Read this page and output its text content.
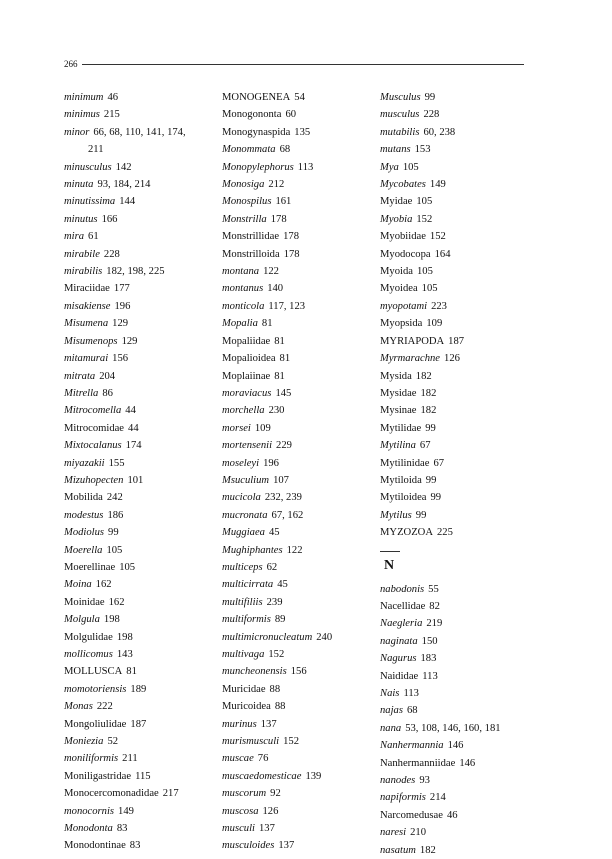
266
minimum 46
minimus 215
minor 66, 68, 110, 141, 174,
211
minusculus 142
minuta 93, 184, 214
minutissima 144
minutus 166
mira 61
mirabile 228
mirabilis 182, 198, 225
Miraciidae 177
misakiense 196
Misumena 129
Misumenops 129
mitamurai 156
mitrata 204
Mitrella 86
Mitrocomella 44
Mitrocomidae 44
Mixtocalanus 174
miyazakii 155
Mizuhopecten 101
Mobilida 242
modestus 186
Modiolus 99
Moerella 105
Moerellinae 105
Moina 162
Moinidae 162
Molgula 198
Molgulidae 198
mollicomus 143
MOLLUSCA 81
momotoriensis 189
Monas 222
Mongoliulidae 187
Moniezia 52
moniliformis 211
Moniligastridae 115
Monocercomonadidae 217
monocornis 149
Monodonta 83
Monodontinae 83
MONOGENEA 54
Monogononta 60
Monogynaspida 135
Monommata 68
Monopylephorus 113
Monosiga 212
Monospilus 161
Monstrilla 178
Monstrillidae 178
Monstrilloida 178
montana 122
montanus 140
monticola 117, 123
Mopalia 81
Mopaliidae 81
Mopalioidea 81
Moplaiinae 81
moraviacus 145
morchella 230
morsei 109
mortensenii 229
moseleyi 196
Msuculium 107
mucicola 232, 239
mucronata 67, 162
Muggiaea 45
Mughiphantes 122
multiceps 62
multicirrata 45
multifiliis 239
multiformis 89
multimicronucleatum 240
multivaga 152
muncheonensis 156
Muricidae 88
Muricoidea 88
murinus 137
murismusculi 152
muscae 76
muscaedomesticae 139
muscorum 92
muscosa 126
musculi 137
musculoides 137
Musculus 99
musculus 228
mutabilis 60, 238
mutans 153
Mya 105
Mycobates 149
Myidae 105
Myobia 152
Myobiidae 152
Myodocopa 164
Myoida 105
Myoidea 105
myopotami 223
Myopsida 109
MYRIAPODA 187
Myrmarachne 126
Mysida 182
Mysidae 182
Mysinae 182
Mytilidae 99
Mytilina 67
Mytilinidae 67
Mytiloida 99
Mytiloidea 99
Mytilus 99
MYZOZOA 225
N
nabodonis 55
Nacellidae 82
Naegleria 219
naginata 150
Nagurus 183
Naididae 113
Nais 113
najas 68
nana 53, 108, 146, 160, 181
Nanhermannia 146
Nanhermanniidae 146
nanodes 93
napiformis 214
Narcomedusae 46
naresi 210
nasatum 182
